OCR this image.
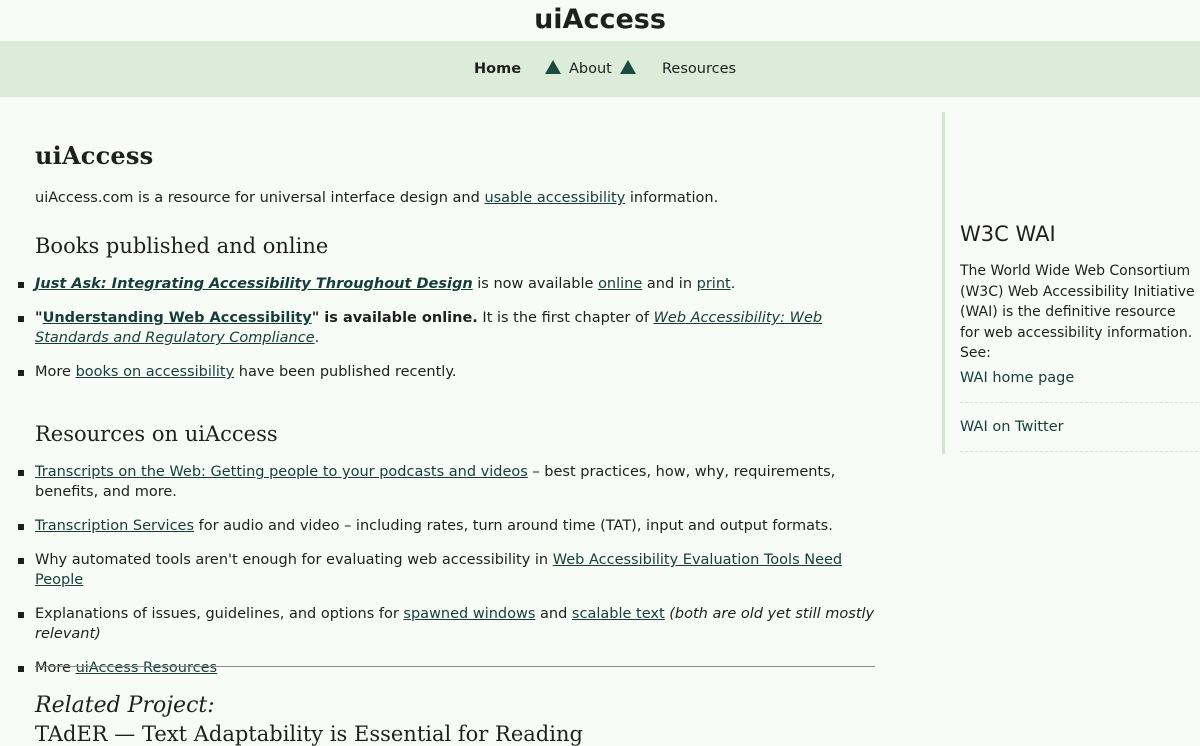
uiAccess
Home	About	Resources
uiAccess

uiAccess.com is a resource for universal interface design and usable accessibility information.

Books published and online
Just Ask: Integrating Accessibility Throughout Design is now available online and in print.
"Understanding Web Accessibility" is available online. It is the first chapter of Web Accessibility: Web Standards and Regulatory Compliance.
More books on accessibility have been published recently.
Resources on uiAccess
Transcripts on the Web: Getting people to your podcasts and videos – best practices, how, why, requirements, benefits, and more.
Transcription Services for audio and video – including rates, turn around time (TAT), input and output formats.
Why automated tools aren't enough for evaluating web accessibility in Web Accessibility Evaluation Tools Need People
Explanations of issues, guidelines, and options for spawned windows and scalable text (both are old yet still mostly relevant)
More uiAccess Resources

Related Project:

TAdER — Text Adaptability is Essential for Reading

W3C WAI

The World Wide Web Consortium (W3C) Web Accessibility Initiative (WAI) is the definitive resource for web accessibility information. See:

WAI home page
WAI on Twitter
